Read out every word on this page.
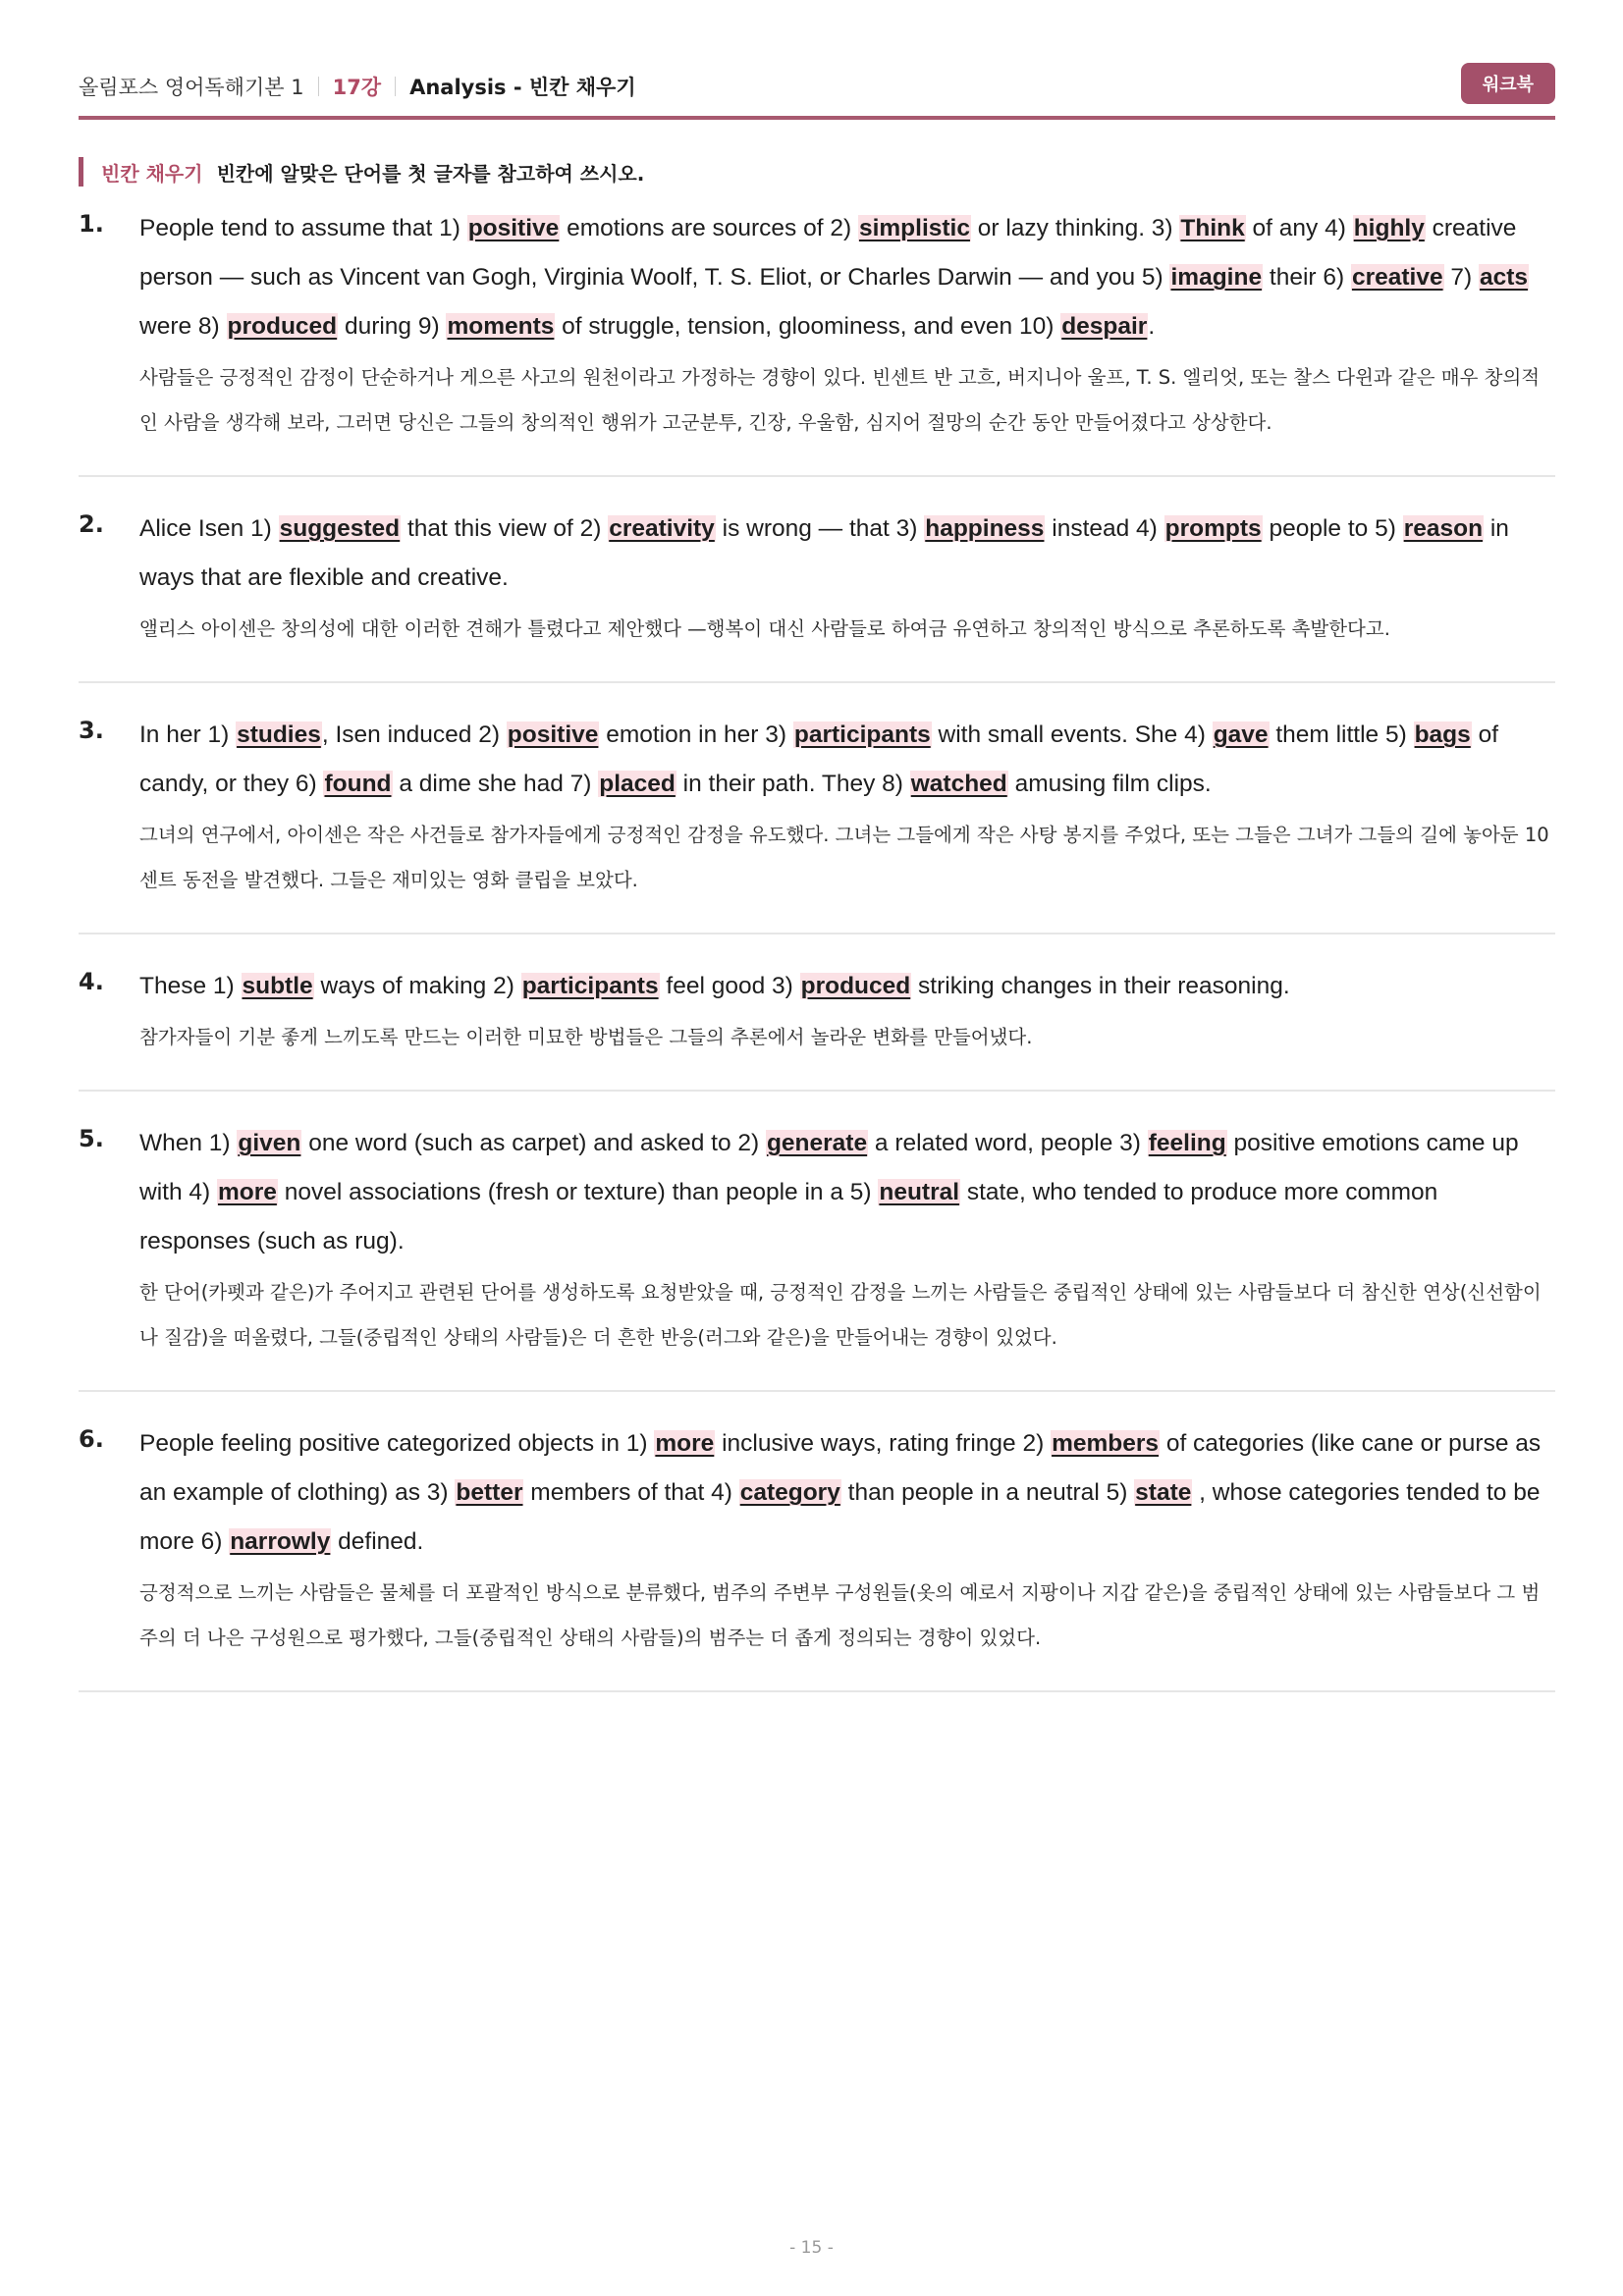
올림포스 영어독해기본 1 17강 Analysis - 빈칸 채우기	워크북
빈칸 채우기 빈칸에 알맞은 단어를 첫 글자를 참고하여 쓰시오.
1. People tend to assume that 1) positive emotions are sources of 2) simplistic or lazy thinking. 3) Think of any 4) highly creative person — such as Vincent van Gogh, Virginia Woolf, T. S. Eliot, or Charles Darwin — and you 5) imagine their 6) creative 7) acts were 8) produced during 9) moments of struggle, tension, gloominess, and even 10) despair.

사람들은 긍정적인 감정이 단순하거나 게으른 사고의 원천이라고 가정하는 경향이 있다. 빈센트 반 고흐, 버지니아 울프, T. S. 엘리엇, 또는 찰스 다윈과 같은 매우 창의적인 사람을 생각해 보라, 그러면 당신은 그들의 창의적인 행위가 고군분투, 긴장, 우울함, 심지어 절망의 순간 동안 만들어졌다고 상상한다.

2. Alice Isen 1) suggested that this view of 2) creativity is wrong — that 3) happiness instead 4) prompts people to 5) reason in ways that are flexible and creative.

앨리스 아이센은 창의성에 대한 이러한 견해가 틀렸다고 제안했다 —행복이 대신 사람들로 하여금 유연하고 창의적인 방식으로 추론하도록 촉발한다고.

3. In her 1) studies, Isen induced 2) positive emotion in her 3) participants with small events. She 4) gave them little 5) bags of candy, or they 6) found a dime she had 7) placed in their path. They 8) watched amusing film clips.

그녀의 연구에서, 아이센은 작은 사건들로 참가자들에게 긍정적인 감정을 유도했다. 그녀는 그들에게 작은 사탕 봉지를 주었다, 또는 그들은 그녀가 그들의 길에 놓아둔 10센트 동전을 발견했다. 그들은 재미있는 영화 클립을 보았다.

4. These 1) subtle ways of making 2) participants feel good 3) produced striking changes in their reasoning.

참가자들이 기분 좋게 느끼도록 만드는 이러한 미묘한 방법들은 그들의 추론에서 놀라운 변화를 만들어냈다.

5. When 1) given one word (such as carpet) and asked to 2) generate a related word, people 3) feeling positive emotions came up with 4) more novel associations (fresh or texture) than people in a 5) neutral state, who tended to produce more common responses (such as rug).

한 단어(카펫과 같은)가 주어지고 관련된 단어를 생성하도록 요청받았을 때, 긍정적인 감정을 느끼는 사람들은 중립적인 상태에 있는 사람들보다 더 참신한 연상(신선함이나 질감)을 떠올렸다, 그들(중립적인 상태의 사람들)은 더 흔한 반응(러그와 같은)을 만들어내는 경향이 있었다.

6. People feeling positive categorized objects in 1) more inclusive ways, rating fringe 2) members of categories (like cane or purse as an example of clothing) as 3) better members of that 4) category than people in a neutral 5) state , whose categories tended to be more 6) narrowly defined.

긍정적으로 느끼는 사람들은 물체를 더 포괄적인 방식으로 분류했다, 범주의 주변부 구성원들(옷의 예로서 지팡이나 지갑 같은)을 중립적인 상태에 있는 사람들보다 그 범주의 더 나은 구성원으로 평가했다, 그들(중립적인 상태의 사람들)의 범주는 더 좁게 정의되는 경향이 있었다.

- 15 -
